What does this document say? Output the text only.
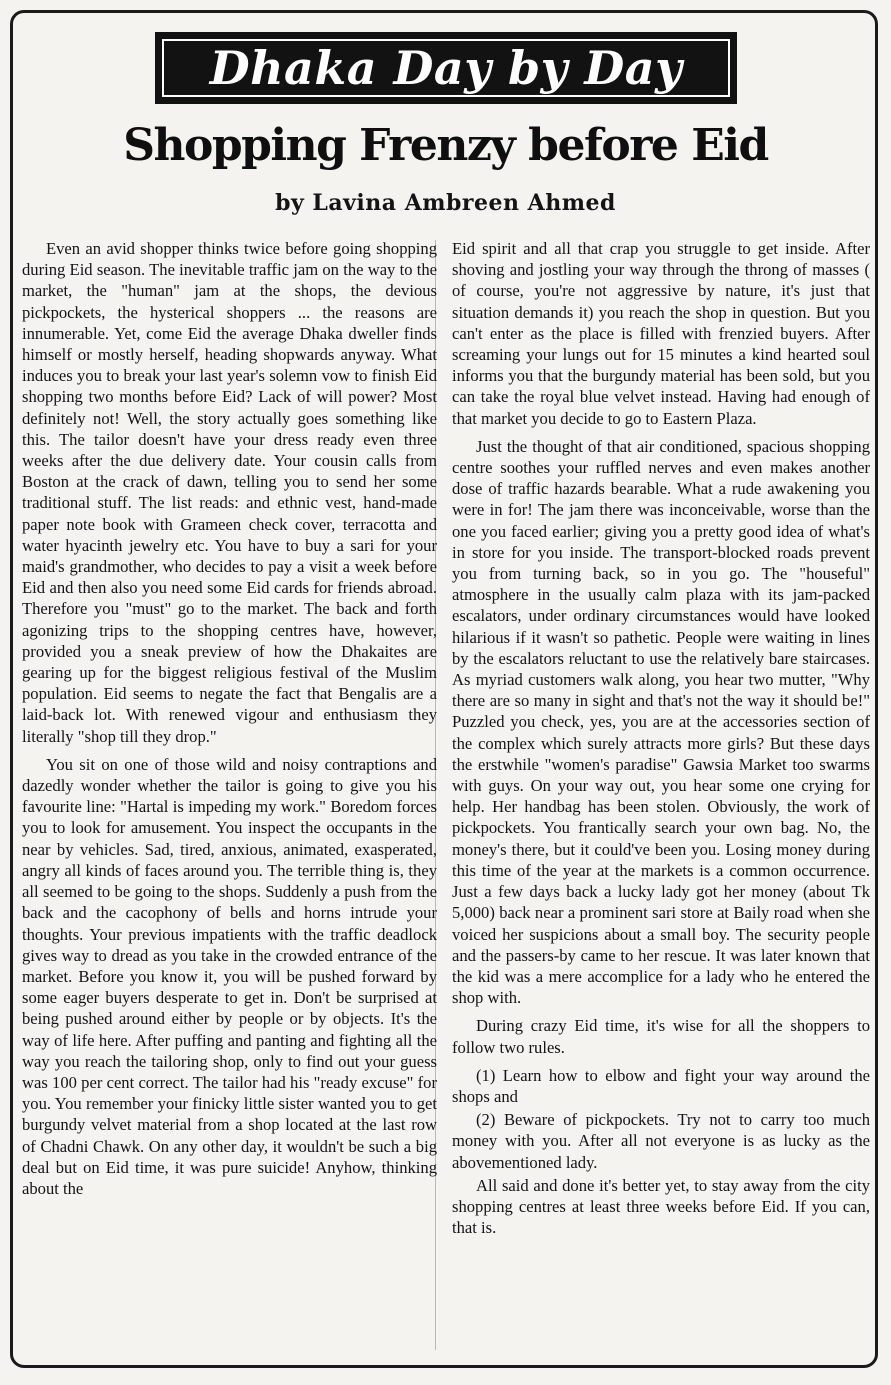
Dhaka Day by Day
Shopping Frenzy before Eid
by Lavina Ambreen Ahmed

Even an avid shopper thinks twice before going shopping during Eid season. The inevitable traffic jam on the way to the market, the "human" jam at the shops, the devious pickpockets, the hysterical shoppers ... the reasons are innumerable. Yet, come Eid the average Dhaka dweller finds himself or mostly herself, heading shopwards anyway. What induces you to break your last year's solemn vow to finish Eid shopping two months before Eid? Lack of will power? Most definitely not! Well, the story actually goes something like this. The tailor doesn't have your dress ready even three weeks after the due delivery date. Your cousin calls from Boston at the crack of dawn, telling you to send her some traditional stuff. The list reads: and ethnic vest, hand-made paper note book with Grameen check cover, terracotta and water hyacinth jewelry etc. You have to buy a sari for your maid's grandmother, who decides to pay a visit a week before Eid and then also you need some Eid cards for friends abroad. Therefore you "must" go to the market. The back and forth agonizing trips to the shopping centres have, however, provided you a sneak preview of how the Dhakaites are gearing up for the biggest religious festival of the Muslim population. Eid seems to negate the fact that Bengalis are a laid-back lot. With renewed vigour and enthusiasm they literally "shop till they drop."

You sit on one of those wild and noisy contraptions and dazedly wonder whether the tailor is going to give you his favourite line: "Hartal is impeding my work." Boredom forces you to look for amusement. You inspect the occupants in the near by vehicles. Sad, tired, anxious, animated, exasperated, angry all kinds of faces around you. The terrible thing is, they all seemed to be going to the shops. Suddenly a push from the back and the cacophony of bells and horns intrude your thoughts. Your previous impatients with the traffic deadlock gives way to dread as you take in the crowded entrance of the market. Before you know it, you will be pushed forward by some eager buyers desperate to get in. Don't be surprised at being pushed around either by people or by objects. It's the way of life here. After puffing and panting and fighting all the way you reach the tailoring shop, only to find out your guess was 100 per cent correct. The tailor had his "ready excuse" for you. You remember your finicky little sister wanted you to get burgundy velvet material from a shop located at the last row of Chadni Chawk. On any other day, it wouldn't be such a big deal but on Eid time, it was pure suicide! Anyhow, thinking about the

Eid spirit and all that crap you struggle to get inside. After shoving and jostling your way through the throng of masses ( of course, you're not aggressive by nature, it's just that situation demands it) you reach the shop in question. But you can't enter as the place is filled with frenzied buyers. After screaming your lungs out for 15 minutes a kind hearted soul informs you that the burgundy material has been sold, but you can take the royal blue velvet instead. Having had enough of that market you decide to go to Eastern Plaza.

Just the thought of that air conditioned, spacious shopping centre soothes your ruffled nerves and even makes another dose of traffic hazards bearable. What a rude awakening you were in for! The jam there was inconceivable, worse than the one you faced earlier; giving you a pretty good idea of what's in store for you inside. The transport-blocked roads prevent you from turning back, so in you go. The "houseful" atmosphere in the usually calm plaza with its jam-packed escalators, under ordinary circumstances would have looked hilarious if it wasn't so pathetic. People were waiting in lines by the escalators reluctant to use the relatively bare staircases. As myriad customers walk along, you hear two mutter, "Why there are so many in sight and that's not the way it should be!" Puzzled you check, yes, you are at the accessories section of the complex which surely attracts more girls? But these days the erstwhile "women's paradise" Gawsia Market too swarms with guys. On your way out, you hear some one crying for help. Her handbag has been stolen. Obviously, the work of pickpockets. You frantically search your own bag. No, the money's there, but it could've been you. Losing money during this time of the year at the markets is a common occurrence. Just a few days back a lucky lady got her money (about Tk 5,000) back near a prominent sari store at Baily road when she voiced her suspicions about a small boy. The security people and the passers-by came to her rescue. It was later known that the kid was a mere accomplice for a lady who he entered the shop with.

During crazy Eid time, it's wise for all the shoppers to follow two rules.

(1) Learn how to elbow and fight your way around the shops and

(2) Beware of pickpockets. Try not to carry too much money with you. After all not everyone is as lucky as the abovementioned lady.

All said and done it's better yet, to stay away from the city shopping centres at least three weeks before Eid. If you can, that is.
